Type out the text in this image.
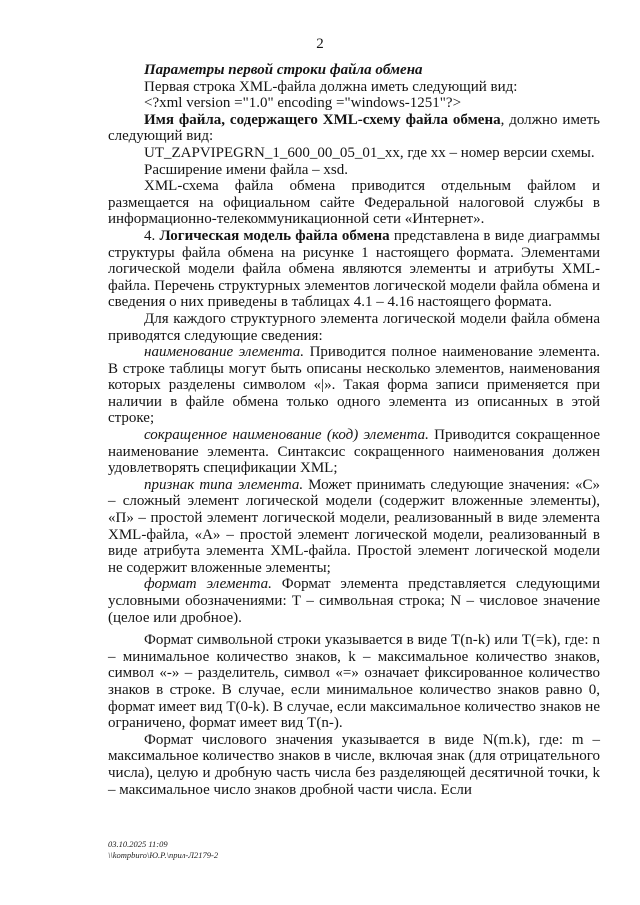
2

Параметры первой строки файла обмена

Первая строка XML-файла должна иметь следующий вид:

<?xml version ="1.0" encoding ="windows-1251"?>

Имя файла, содержащего XML-схему файла обмена, должно иметь следующий вид:

UT_ZAPVIPEGRN_1_600_00_05_01_xx, где хх – номер версии схемы.

Расширение имени файла – xsd.

XML-схема файла обмена приводится отдельным файлом и размещается на официальном сайте Федеральной налоговой службы в информационно-телекоммуникационной сети «Интернет».

4. Логическая модель файла обмена представлена в виде диаграммы структуры файла обмена на рисунке 1 настоящего формата. Элементами логической модели файла обмена являются элементы и атрибуты XML-файла. Перечень структурных элементов логической модели файла обмена и сведения о них приведены в таблицах 4.1 – 4.16 настоящего формата.

Для каждого структурного элемента логической модели файла обмена приводятся следующие сведения:

наименование элемента. Приводится полное наименование элемента. В строке таблицы могут быть описаны несколько элементов, наименования которых разделены символом «|». Такая форма записи применяется при наличии в файле обмена только одного элемента из описанных в этой строке;

сокращенное наименование (код) элемента. Приводится сокращенное наименование элемента. Синтаксис сокращенного наименования должен удовлетворять спецификации XML;

признак типа элемента. Может принимать следующие значения: «С» – сложный элемент логической модели (содержит вложенные элементы), «П» – простой элемент логической модели, реализованный в виде элемента XML-файла, «А» – простой элемент логической модели, реализованный в виде атрибута элемента XML-файла. Простой элемент логической модели не содержит вложенные элементы;

формат элемента. Формат элемента представляется следующими условными обозначениями: Т – символьная строка; N – числовое значение (целое или дробное).

Формат символьной строки указывается в виде Т(n-k) или Т(=k), где: n – минимальное количество знаков, k – максимальное количество знаков, символ «-» – разделитель, символ «=» означает фиксированное количество знаков в строке. В случае, если минимальное количество знаков равно 0, формат имеет вид Т(0-k). В случае, если максимальное количество знаков не ограничено, формат имеет вид Т(n-).

Формат числового значения указывается в виде N(m.k), где: m – максимальное количество знаков в числе, включая знак (для отрицательного числа), целую и дробную часть числа без разделяющей десятичной точки, k – максимальное число знаков дробной части числа. Если

03.10.2025 11:09
\\kompburo\Ю.Р.\прил-Л2179-2
